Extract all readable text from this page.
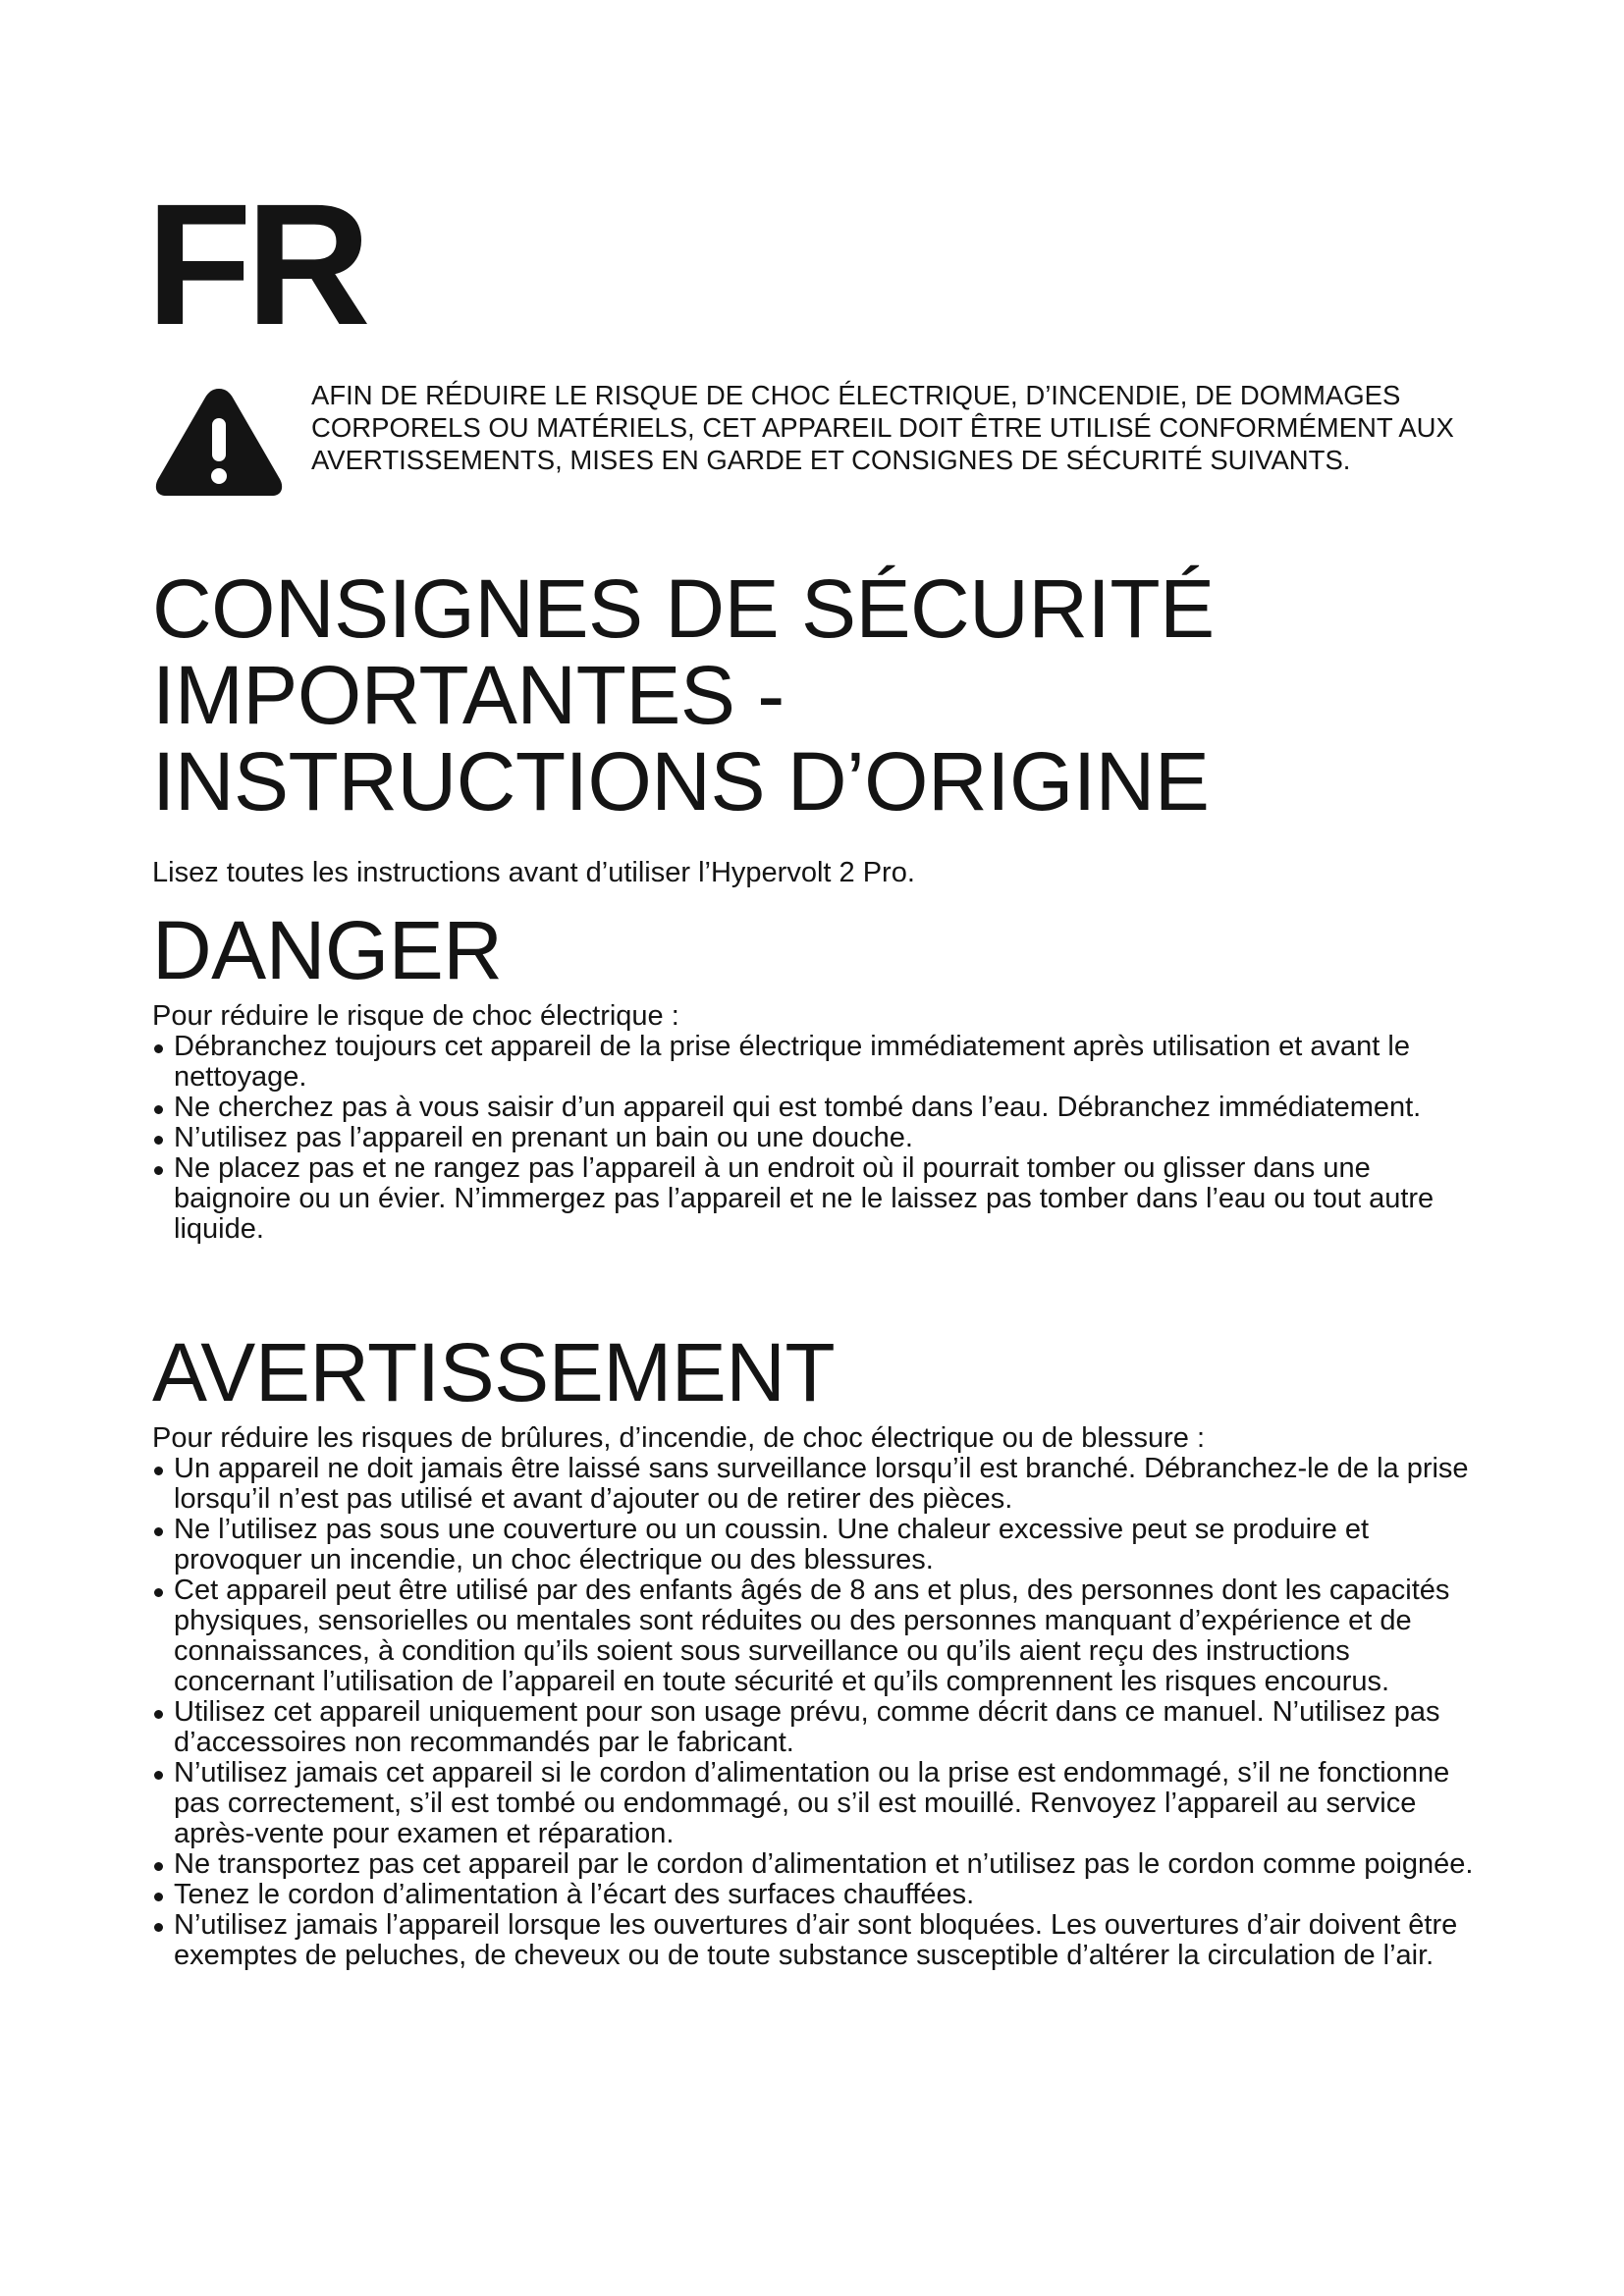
FR

AFIN DE RÉDUIRE LE RISQUE DE CHOC ÉLECTRIQUE, D’INCENDIE, DE DOMMAGES CORPORELS OU MATÉRIELS, CET APPAREIL DOIT ÊTRE UTILISÉ CONFORMÉMENT AUX AVERTISSEMENTS, MISES EN GARDE ET CONSIGNES DE SÉCURITÉ SUIVANTS.

CONSIGNES DE SÉCURITÉ
IMPORTANTES -
INSTRUCTIONS D’ORIGINE

Lisez toutes les instructions avant d’utiliser l’Hypervolt 2 Pro.

DANGER

Pour réduire le risque de choc électrique :

Débranchez toujours cet appareil de la prise électrique immédiatement après utilisation et avant le nettoyage.
Ne cherchez pas à vous saisir d’un appareil qui est tombé dans l’eau. Débranchez immédiatement.
N’utilisez pas l’appareil en prenant un bain ou une douche.
Ne placez pas et ne rangez pas l’appareil à un endroit où il pourrait tomber ou glisser dans une baignoire ou un évier. N’immergez pas l’appareil et ne le laissez pas tomber dans l’eau ou tout autre liquide.
AVERTISSEMENT

Pour réduire les risques de brûlures, d’incendie, de choc électrique ou de blessure :

Un appareil ne doit jamais être laissé sans surveillance lorsqu’il est branché. Débranchez-le de la prise lorsqu’il n’est pas utilisé et avant d’ajouter ou de retirer des pièces.
Ne l’utilisez pas sous une couverture ou un coussin. Une chaleur excessive peut se produire et provoquer un incendie, un choc électrique ou des blessures.
Cet appareil peut être utilisé par des enfants âgés de 8 ans et plus, des personnes dont les capacités physiques, sensorielles ou mentales sont réduites ou des personnes manquant d’expérience et de connaissances, à condition qu’ils soient sous surveillance ou qu’ils aient reçu des instructions concernant l’utilisation de l’appareil en toute sécurité et qu’ils comprennent les risques encourus.
Utilisez cet appareil uniquement pour son usage prévu, comme décrit dans ce manuel. N’utilisez pas d’accessoires non recommandés par le fabricant.
N’utilisez jamais cet appareil si le cordon d’alimentation ou la prise est endommagé, s’il ne fonctionne pas correctement, s’il est tombé ou endommagé, ou s’il est mouillé. Renvoyez l’appareil au service après-vente pour examen et réparation.
Ne transportez pas cet appareil par le cordon d’alimentation et n’utilisez pas le cordon comme poignée.
Tenez le cordon d’alimentation à l’écart des surfaces chauffées.
N’utilisez jamais l’appareil lorsque les ouvertures d’air sont bloquées. Les ouvertures d’air doivent être exemptes de peluches, de cheveux ou de toute substance susceptible d’altérer la circulation de l’air.
